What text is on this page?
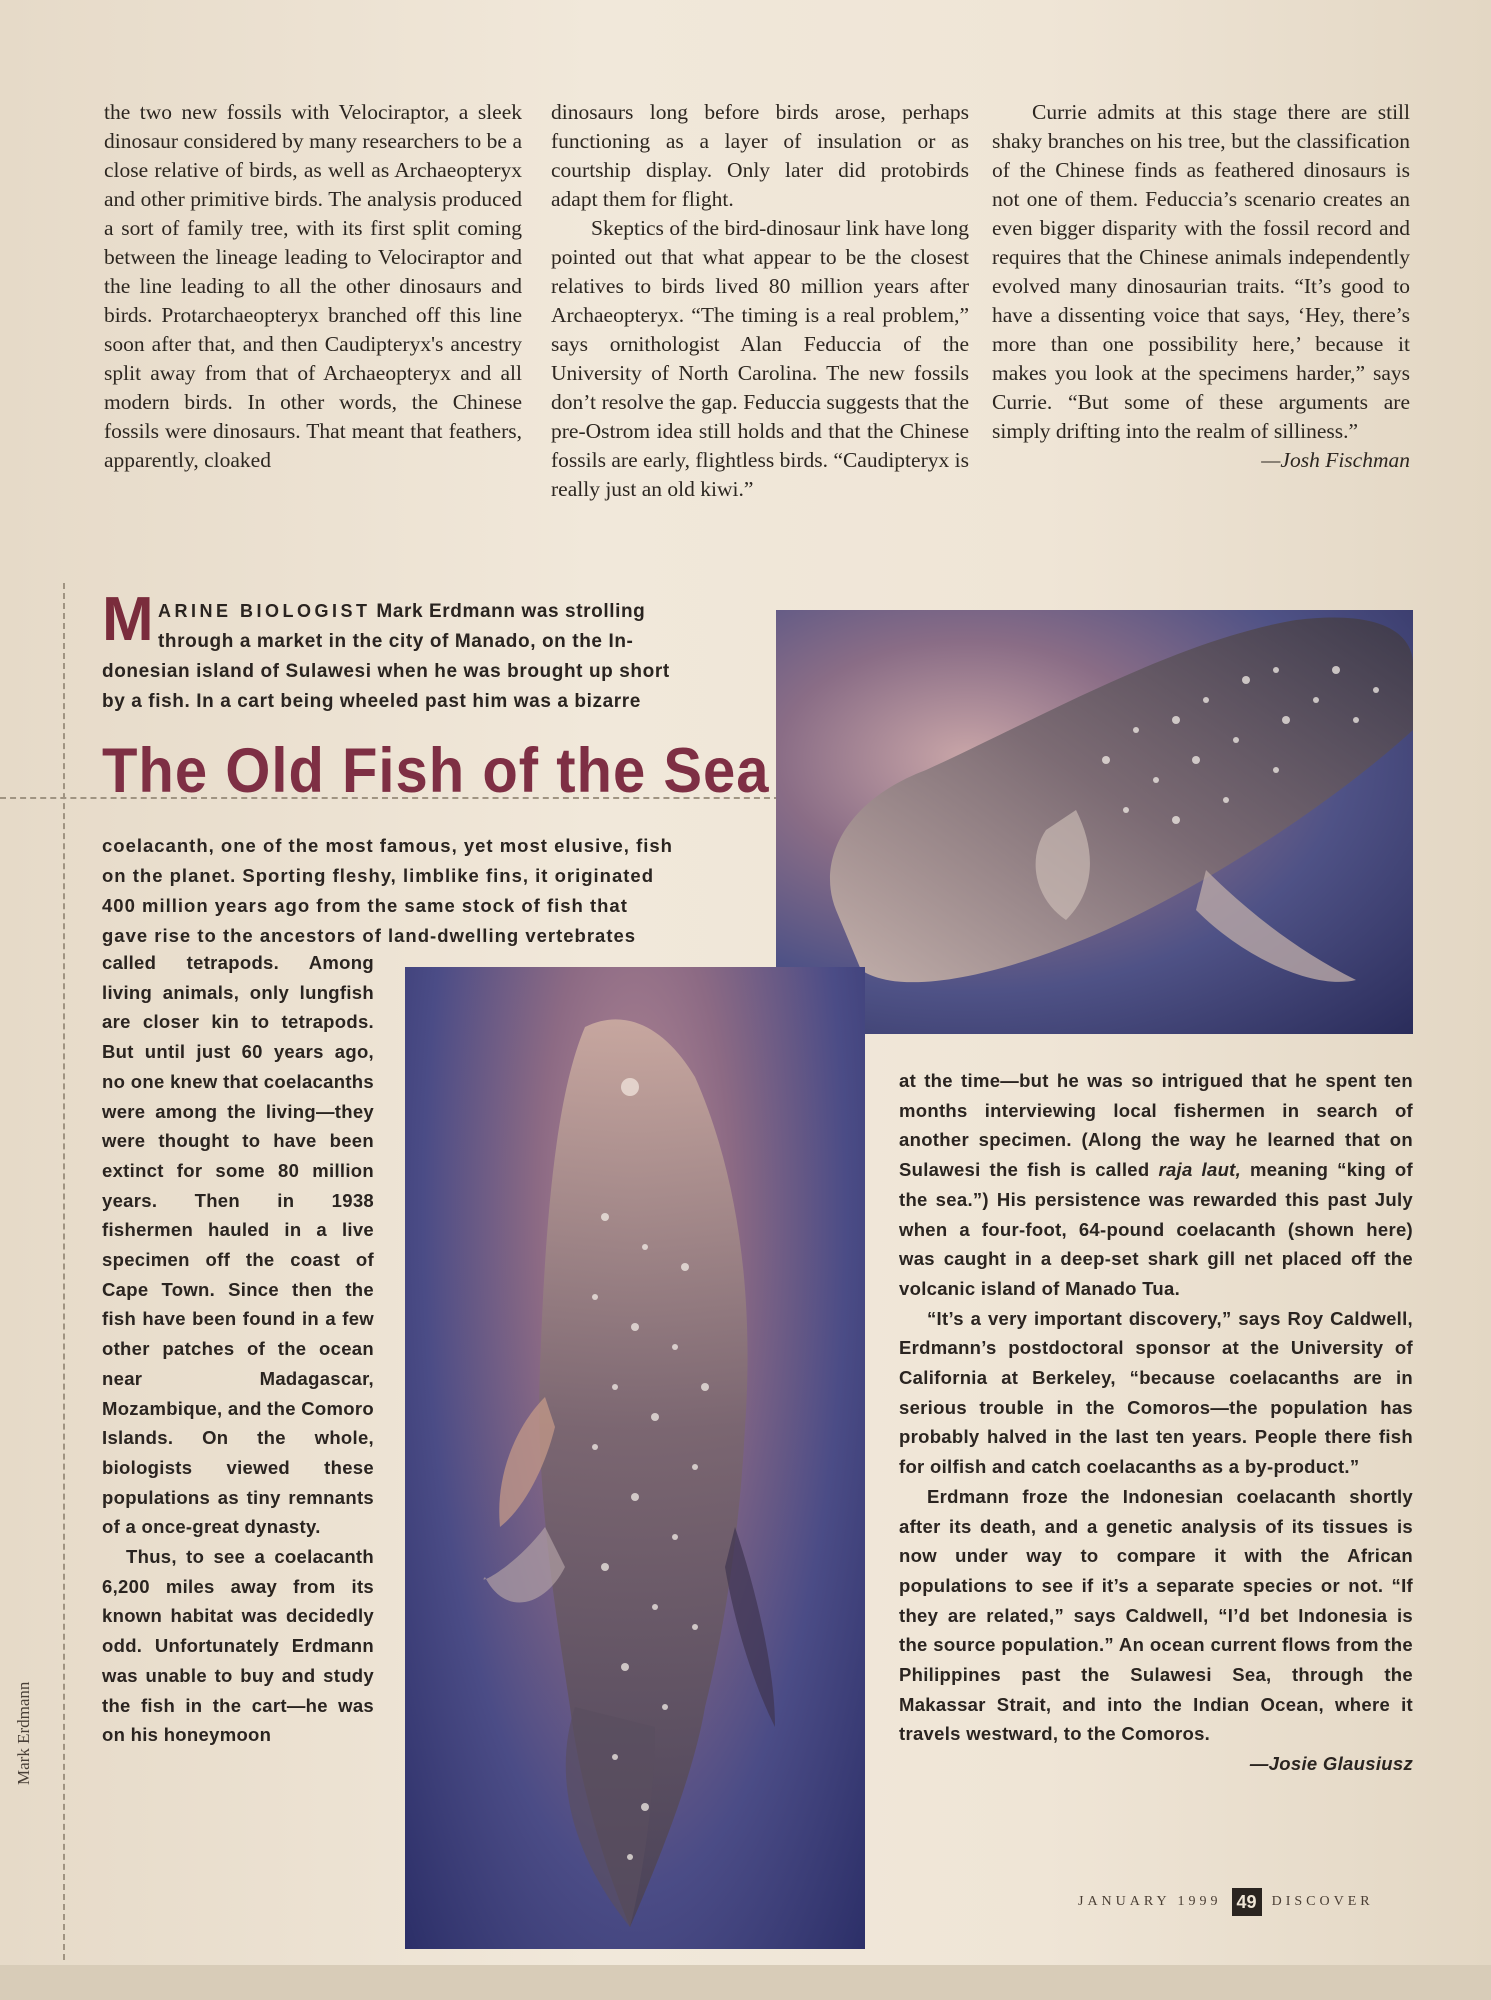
the two new fossils with Velociraptor, a sleek dinosaur considered by many researchers to be a close relative of birds, as well as Archaeopteryx and other primitive birds. The analysis produced a sort of family tree, with its first split coming between the lineage leading to Velociraptor and the line leading to all the other dinosaurs and birds. Protarchaeopteryx branched off this line soon after that, and then Caudipteryx's ancestry split away from that of Archaeopteryx and all modern birds. In other words, the Chinese fossils were dinosaurs. That meant that feathers, apparently, cloaked

dinosaurs long before birds arose, perhaps functioning as a layer of insulation or as courtship display. Only later did protobirds adapt them for flight.

Skeptics of the bird-dinosaur link have long pointed out that what appear to be the closest relatives to birds lived 80 million years after Archaeopteryx. “The timing is a real problem,” says ornithologist Alan Feduccia of the University of North Carolina. The new fossils don’t resolve the gap. Feduccia suggests that the pre-Ostrom idea still holds and that the Chinese fossils are early, flightless birds. “Caudipteryx is really just an old kiwi.”

Currie admits at this stage there are still shaky branches on his tree, but the classification of the Chinese finds as feathered dinosaurs is not one of them. Feduccia’s scenario creates an even bigger disparity with the fossil record and requires that the Chinese animals independently evolved many dinosaurian traits. “It’s good to have a dissenting voice that says, ‘Hey, there’s more than one possibility here,’ because it makes you look at the specimens harder,” says Currie. “But some of these arguments are simply drifting into the realm of silliness.”
—Josh Fischman

M ARINE BIOLOGIST Mark Erdmann was strolling
through a market in the city of Manado, on the In-
donesian island of Sulawesi when he was brought up short
by a fish. In a cart being wheeled past him was a bizarre

The Old Fish of the Sea

coelacanth, one of the most famous, yet most elusive, fish
on the planet. Sporting fleshy, limblike fins, it originated
400 million years ago from the same stock of fish that
gave rise to the ancestors of land-dwelling vertebrates

called tetrapods. Among living animals, only lungfish are closer kin to tetrapods. But until just 60 years ago, no one knew that coelacanths were among the living—they were thought to have been extinct for some 80 million years. Then in 1938 fishermen hauled in a live specimen off the coast of Cape Town. Since then the fish have been found in a few other patches of the ocean near Madagascar, Mozambique, and the Comoro Islands. On the whole, biologists viewed these populations as tiny remnants of a once-great dynasty.

Thus, to see a coelacanth 6,200 miles away from its known habitat was decidedly odd. Unfortunately Erdmann was unable to buy and study the fish in the cart—he was on his honeymoon

at the time—but he was so intrigued that he spent ten months interviewing local fishermen in search of another specimen. (Along the way he learned that on Sulawesi the fish is called raja laut, meaning “king of the sea.”) His persistence was rewarded this past July when a four-foot, 64-pound coelacanth (shown here) was caught in a deep-set shark gill net placed off the volcanic island of Manado Tua.

“It’s a very important discovery,” says Roy Caldwell, Erdmann’s postdoctoral sponsor at the University of California at Berkeley, “because coelacanths are in serious trouble in the Comoros—the population has probably halved in the last ten years. People there fish for oilfish and catch coelacanths as a by-product.”

Erdmann froze the Indonesian coelacanth shortly after its death, and a genetic analysis of its tissues is now under way to compare it with the African populations to see if it’s a separate species or not. “If they are related,” says Caldwell, “I’d bet Indonesia is the source population.” An ocean current flows from the Philippines past the Sulawesi Sea, through the Makassar Strait, and into the Indian Ocean, where it travels westward, to the Comoros.

—Josie Glausiusz

Mark Erdmann
JANUARY 1999 49	DISCOVER
